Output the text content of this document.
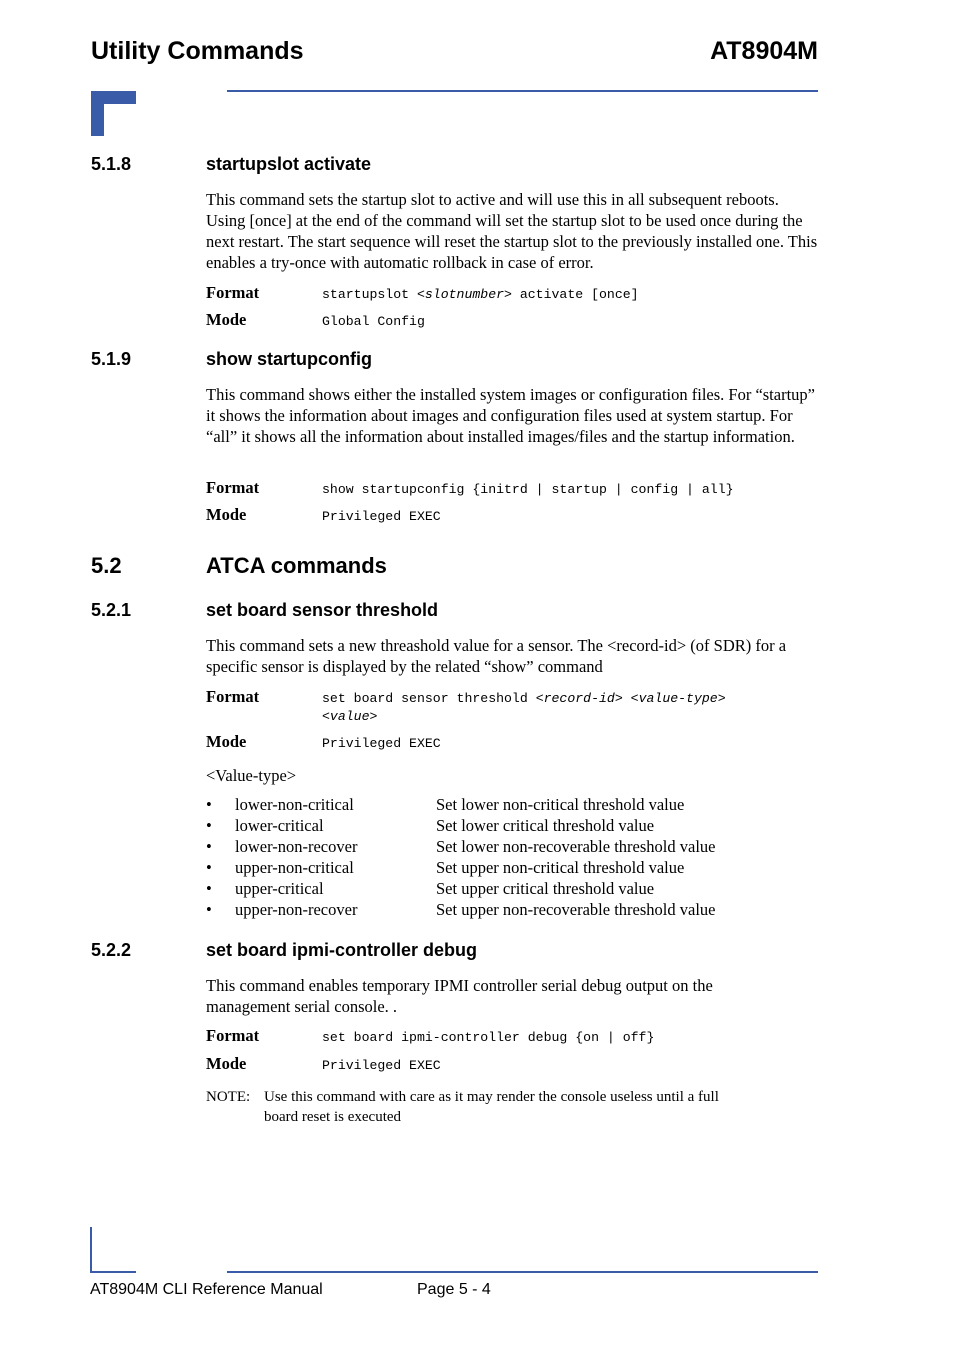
Utility Commands	AT8904M
5.1.8	startupslot activate
This command sets the startup slot to active and will use this in all subsequent reboots. Using [once] at the end of the command will set the startup slot to be used once during the next restart. The start sequence will reset the startup slot to the previously installed one. This enables a try-once with automatic rollback in case of error.
Format	startupslot <slotnumber> activate [once]
Mode	Global Config
5.1.9	show startupconfig
This command shows either the installed system images or configuration files. For “startup” it shows the information about images and configuration files used at system startup. For “all” it shows all the information about installed images/files and the startup information.
Format	show startupconfig {initrd | startup | config | all}
Mode	Privileged EXEC
5.2	ATCA commands
5.2.1	set board sensor threshold
This command sets a new threashold value for a sensor. The <record-id> (of SDR) for a specific sensor is displayed by the related “show” command
Format	set board sensor threshold <record-id> <value-type>
<value>
Mode	Privileged EXEC
<Value-type>
• lower-non-critical	Set lower non-critical threshold value
• lower-critical	Set lower critical threshold value
• lower-non-recover	Set lower non-recoverable threshold value
• upper-non-critical	Set upper non-critical threshold value
• upper-critical	Set upper critical threshold value
• upper-non-recover	Set upper non-recoverable threshold value
5.2.2	set board ipmi-controller debug
This command enables temporary IPMI controller serial debug output on the management serial console. .
Format	set board ipmi-controller debug {on | off}
Mode	Privileged EXEC
NOTE: Use this command with care as it may render the console useless until a full
board reset is executed
AT8904M CLI Reference Manual	Page 5 - 4
